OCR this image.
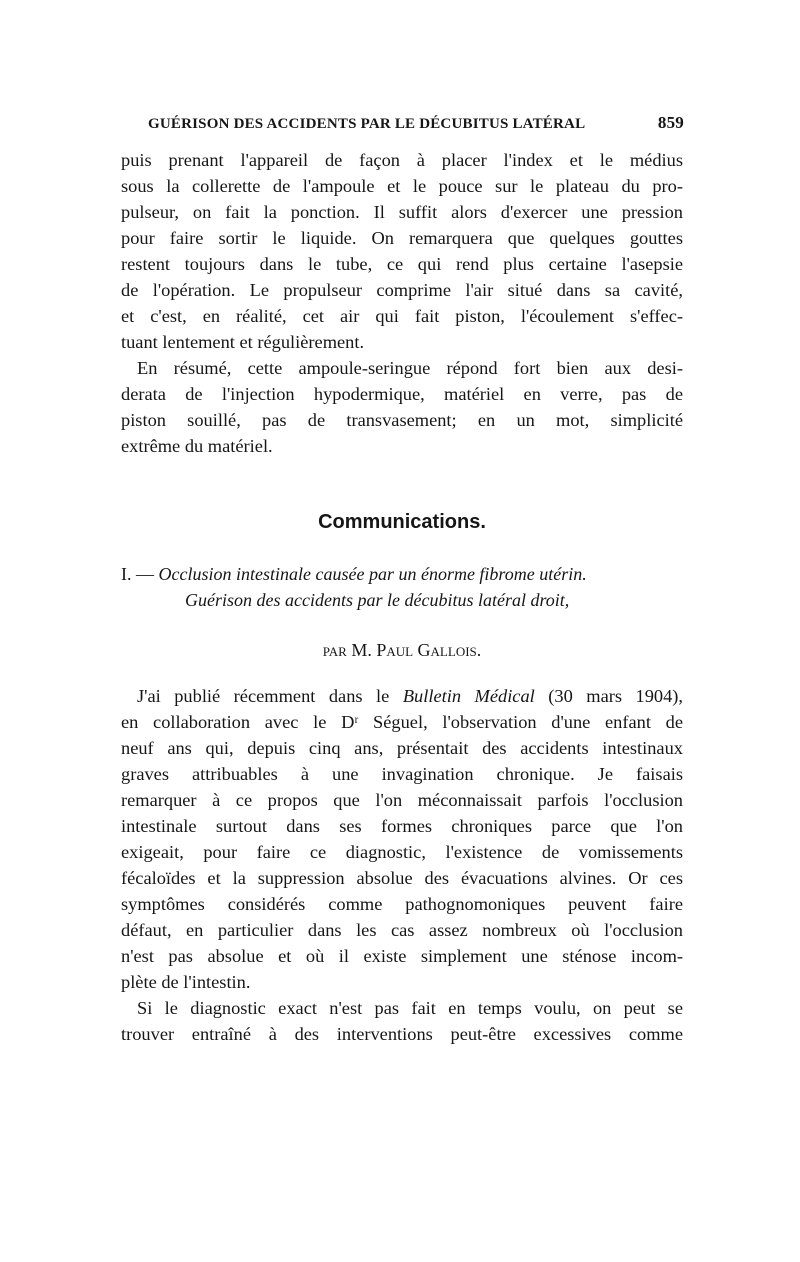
GUÉRISON DES ACCIDENTS PAR LE DÉCUBITUS LATÉRAL	859
puis prenant l'appareil de façon à placer l'index et le médius
sous la collerette de l'ampoule et le pouce sur le plateau du pro-
pulseur, on fait la ponction. Il suffit alors d'exercer une pression
pour faire sortir le liquide. On remarquera que quelques gouttes
restent toujours dans le tube, ce qui rend plus certaine l'asepsie
de l'opération. Le propulseur comprime l'air situé dans sa cavité,
et c'est, en réalité, cet air qui fait piston, l'écoulement s'effec-
tuant lentement et régulièrement.
En résumé, cette ampoule-seringue répond fort bien aux desi-
derata de l'injection hypodermique, matériel en verre, pas de
piston souillé, pas de transvasement; en un mot, simplicité
extrême du matériel.
Communications.
I. — Occlusion intestinale causée par un énorme fibrome utérin.
Guérison des accidents par le décubitus latéral droit,
par M. Paul Gallois.
J'ai publié récemment dans le Bulletin Médical (30 mars 1904),
en collaboration avec le Dʳ Séguel, l'observation d'une enfant de
neuf ans qui, depuis cinq ans, présentait des accidents intestinaux
graves attribuables à une invagination chronique. Je faisais
remarquer à ce propos que l'on méconnaissait parfois l'occlusion
intestinale surtout dans ses formes chroniques parce que l'on
exigeait, pour faire ce diagnostic, l'existence de vomissements
fécaloïdes et la suppression absolue des évacuations alvines. Or ces
symptômes considérés comme pathognomoniques peuvent faire
défaut, en particulier dans les cas assez nombreux où l'occlusion
n'est pas absolue et où il existe simplement une sténose incom-
plète de l'intestin.
Si le diagnostic exact n'est pas fait en temps voulu, on peut se
trouver entraîné à des interventions peut-être excessives comme
